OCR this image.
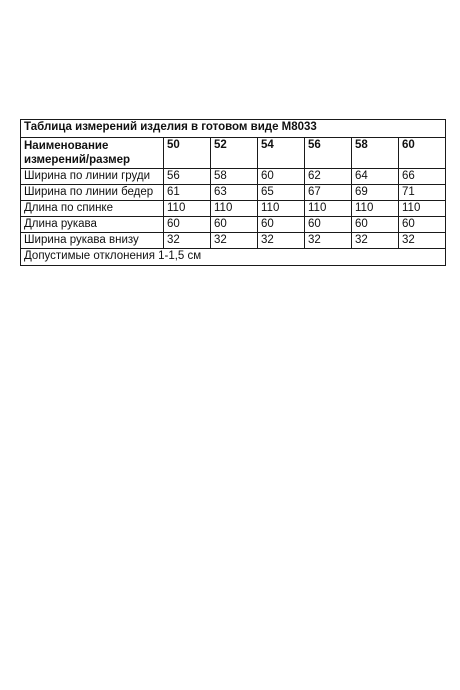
Таблица измерений изделия в готовом виде М8033						
Наименование
измерений/размер	50	52	54	56	58	60
Ширина по линии груди	56	58	60	62	64	66
Ширина по линии бедер	61	63	65	67	69	71
Длина по спинке	110	110	110	110	110	110
Длина рукава	60	60	60	60	60	60
Ширина рукава внизу	32	32	32	32	32	32
Допустимые отклонения 1-1,5 см						
